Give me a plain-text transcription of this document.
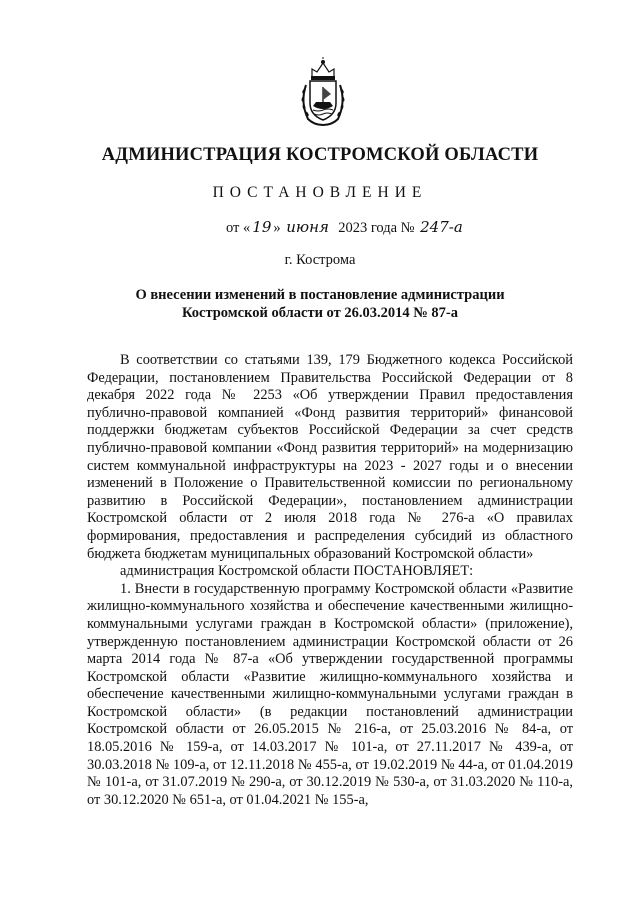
АДМИНИСТРАЦИЯ КОСТРОМСКОЙ ОБЛАСТИ
ПОСТАНОВЛЕНИЕ
от « 19 » июня 2023 года № 247-а
г. Кострома
О внесении изменений в постановление администрации
Костромской области от 26.03.2014 № 87-а

В соответствии со статьями 139, 179 Бюджетного кодекса Российской Федерации, постановлением Правительства Российской Федерации от 8 декабря 2022 года № 2253 «Об утверждении Правил предоставления публично-правовой компанией «Фонд развития территорий» финансовой поддержки бюджетам субъектов Российской Федерации за счет средств публично-правовой компании «Фонд развития территорий» на модернизацию систем коммунальной инфраструктуры на 2023 - 2027 годы и о внесении изменений в Положение о Правительственной комиссии по региональному развитию в Российской Федерации», постановлением администрации Костромской области от 2 июля 2018 года № 276-а «О правилах формирования, предоставления и распределения субсидий из областного бюджета бюджетам муниципальных образований Костромской области»

администрация Костромской области ПОСТАНОВЛЯЕТ:

1. Внести в государственную программу Костромской области «Развитие жилищно-коммунального хозяйства и обеспечение качественными жилищно-коммунальными услугами граждан в Костромской области» (приложение), утвержденную постановлением администрации Костромской области от 26 марта 2014 года № 87-а «Об утверждении государственной программы Костромской области «Развитие жилищно-коммунального хозяйства и обеспечение качественными жилищно-коммунальными услугами граждан в Костромской области» (в редакции постановлений администрации Костромской области от 26.05.2015 № 216-а, от 25.03.2016 № 84-а, от 18.05.2016 № 159-а, от 14.03.2017 № 101-а, от 27.11.2017 № 439-а, от 30.03.2018 № 109-а, от 12.11.2018 № 455-а, от 19.02.2019 № 44-а, от 01.04.2019 № 101-а, от 31.07.2019 № 290-а, от 30.12.2019 № 530-а, от 31.03.2020 № 110-а, от 30.12.2020 № 651-а, от 01.04.2021 № 155-а,
